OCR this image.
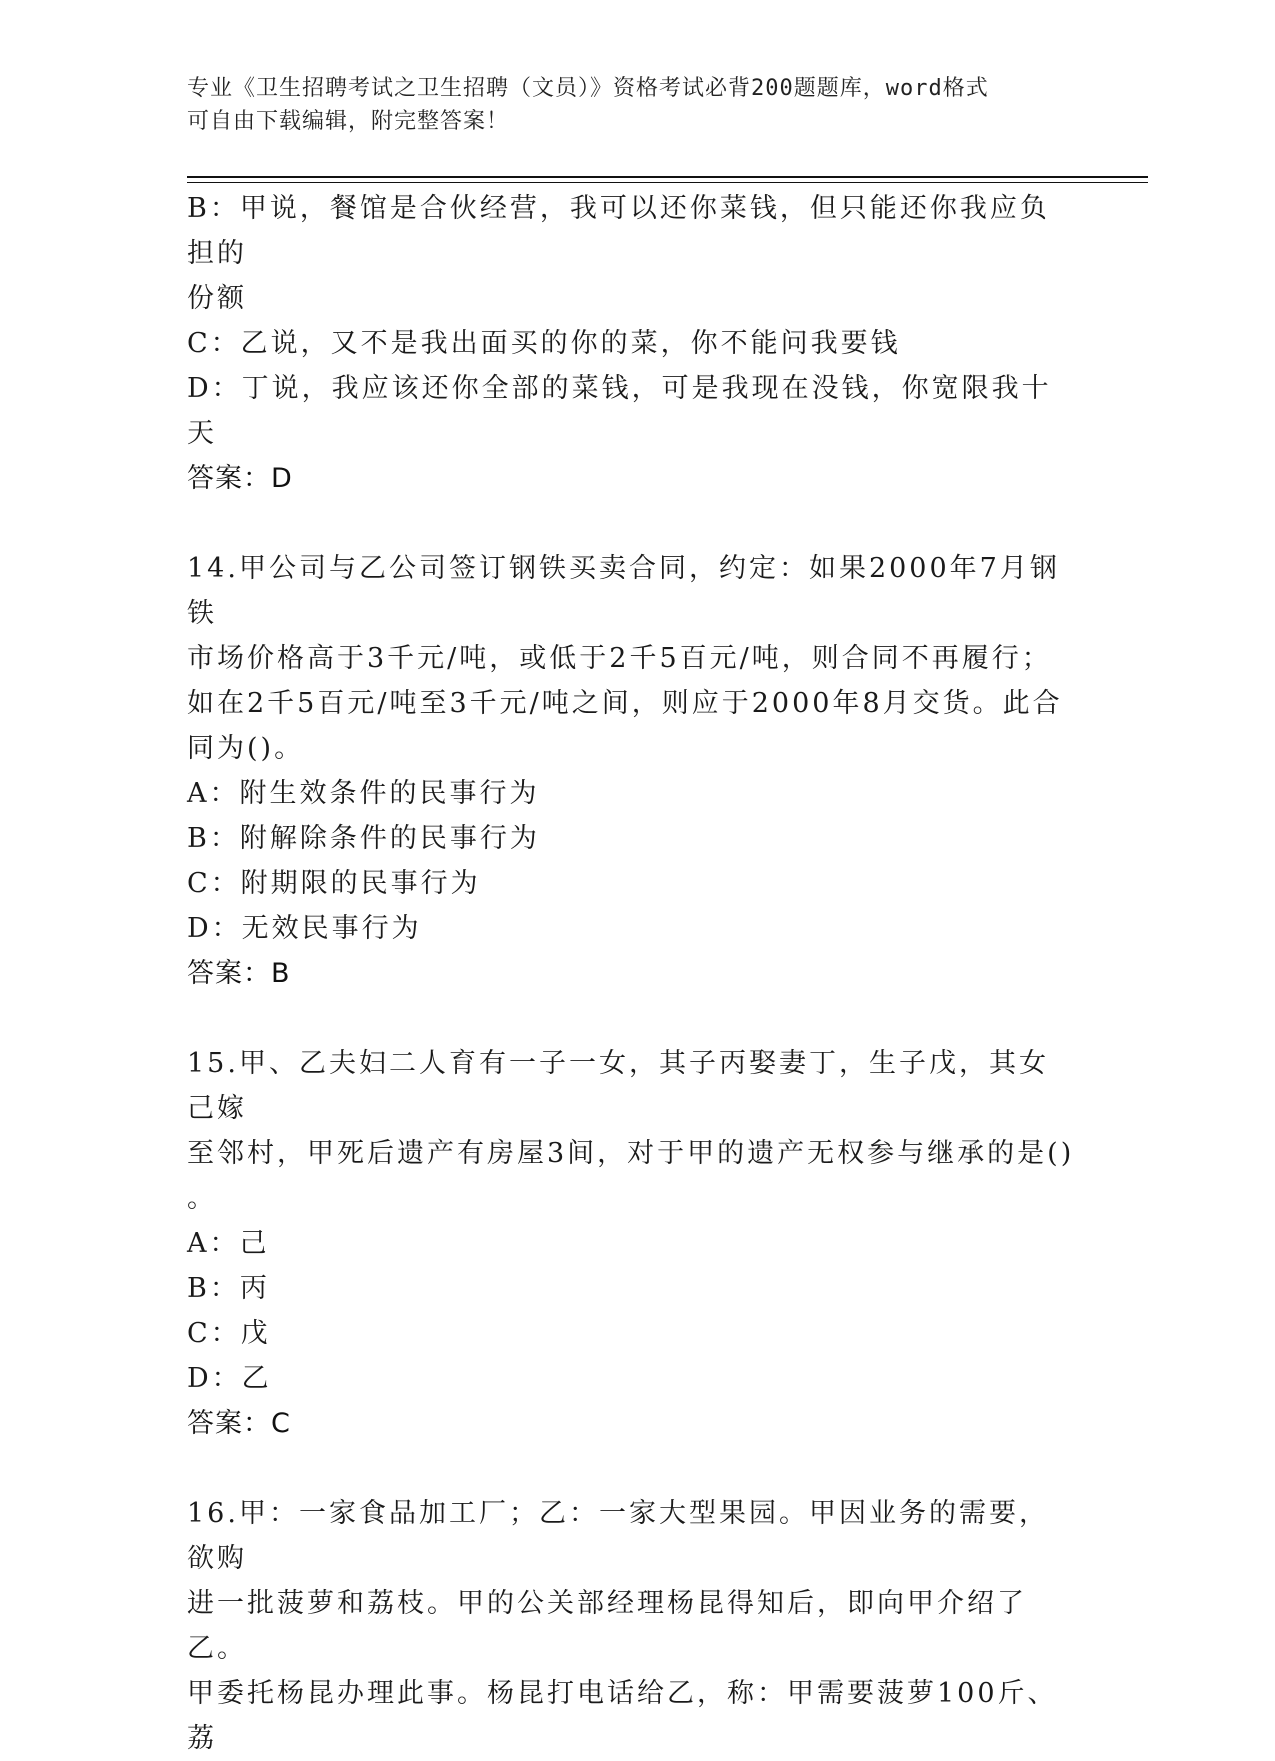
专业《卫生招聘考试之卫生招聘（文员）》资格考试必背200题题库，word格式
可自由下载编辑，附完整答案！
B：甲说，餐馆是合伙经营，我可以还你菜钱，但只能还你我应负担的
份额
C：乙说，又不是我出面买的你的菜，你不能问我要钱
D：丁说，我应该还你全部的菜钱，可是我现在没钱，你宽限我十天
答案：D
14.甲公司与乙公司签订钢铁买卖合同，约定：如果2000年7月钢铁
市场价格高于3千元/吨，或低于2千5百元/吨，则合同不再履行；
如在2千5百元/吨至3千元/吨之间，则应于2000年8月交货。此合
同为()。
A：附生效条件的民事行为
B：附解除条件的民事行为
C：附期限的民事行为
D：无效民事行为
答案：B
15.甲、乙夫妇二人育有一子一女，其子丙娶妻丁，生子戊，其女己嫁
至邻村，甲死后遗产有房屋3间，对于甲的遗产无权参与继承的是()
。
A：己
B：丙
C：戊
D：乙
答案：C
16.甲：一家食品加工厂；乙：一家大型果园。甲因业务的需要，欲购
进一批菠萝和荔枝。甲的公关部经理杨昆得知后，即向甲介绍了乙。
甲委托杨昆办理此事。杨昆打电话给乙，称：甲需要菠萝100斤、荔
